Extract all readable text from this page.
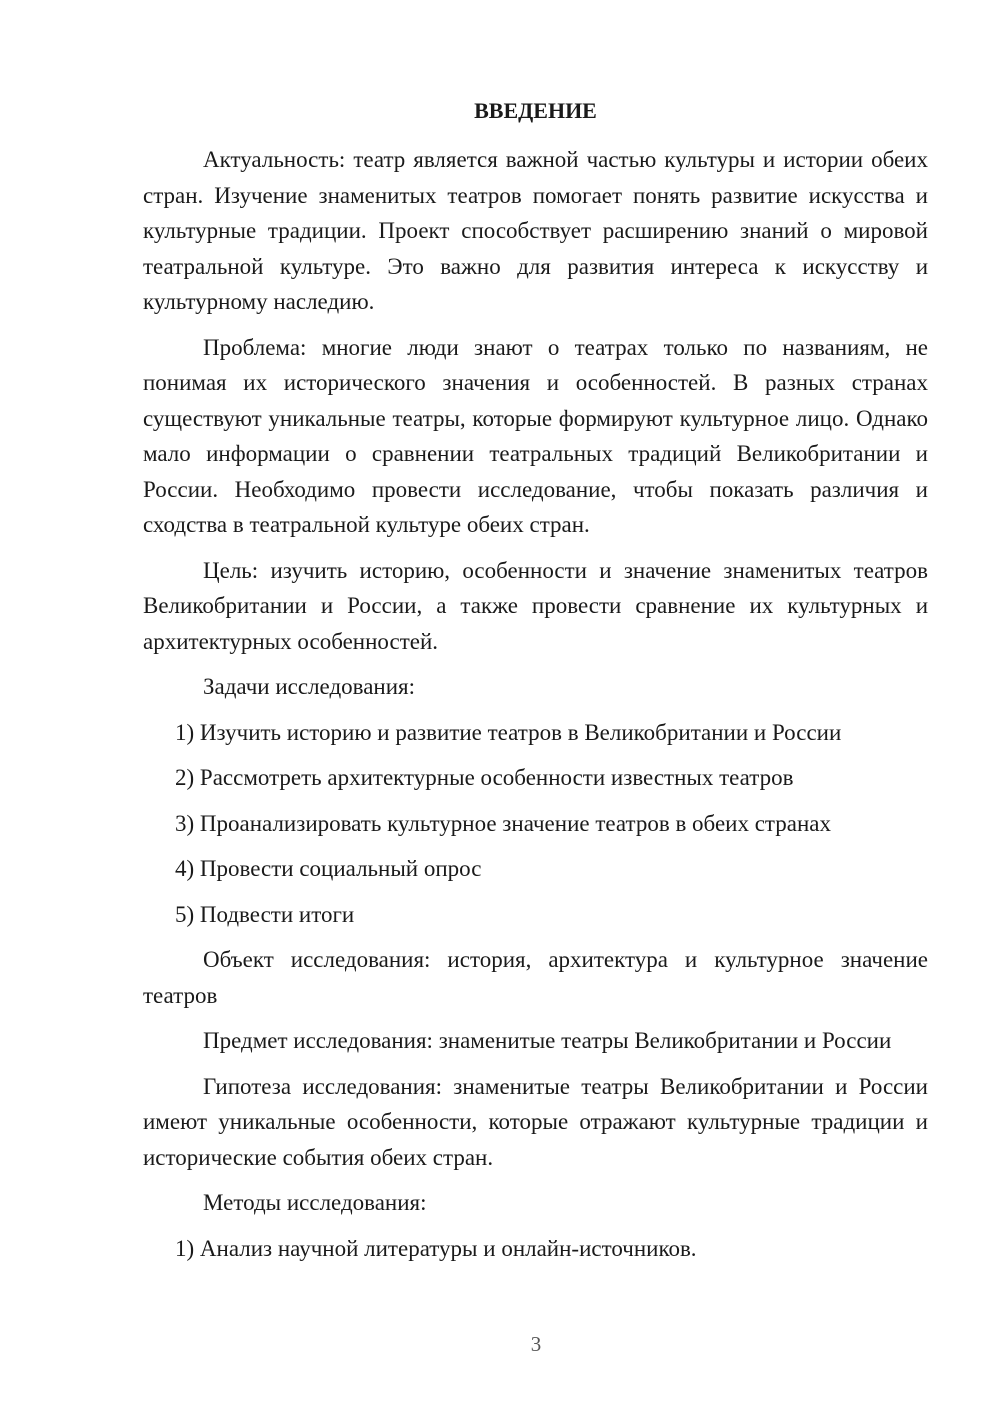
ВВЕДЕНИЕ

Актуальность: театр является важной частью культуры и истории обеих стран. Изучение знаменитых театров помогает понять развитие искусства и культурные традиции. Проект способствует расширению знаний о мировой театральной культуре. Это важно для развития интереса к искусству и культурному наследию.

Проблема: многие люди знают о театрах только по названиям, не понимая их исторического значения и особенностей. В разных странах существуют уникальные театры, которые формируют культурное лицо. Однако мало информации о сравнении театральных традиций Великобритании и России. Необходимо провести исследование, чтобы показать различия и сходства в театральной культуре обеих стран.

Цель: изучить историю, особенности и значение знаменитых театров Великобритании и России, а также провести сравнение их культурных и архитектурных особенностей.

Задачи исследования:

1) Изучить историю и развитие театров в Великобритании и России
2) Рассмотреть архитектурные особенности известных театров
3) Проанализировать культурное значение театров в обеих странах
4) Провести социальный опрос
5) Подвести итоги

Объект исследования: история, архитектура и культурное значение театров

Предмет исследования: знаменитые театры Великобритании и России

Гипотеза исследования: знаменитые театры Великобритании и России имеют уникальные особенности, которые отражают культурные традиции и исторические события обеих стран.

Методы исследования:

1) Анализ научной литературы и онлайн-источников.
3
